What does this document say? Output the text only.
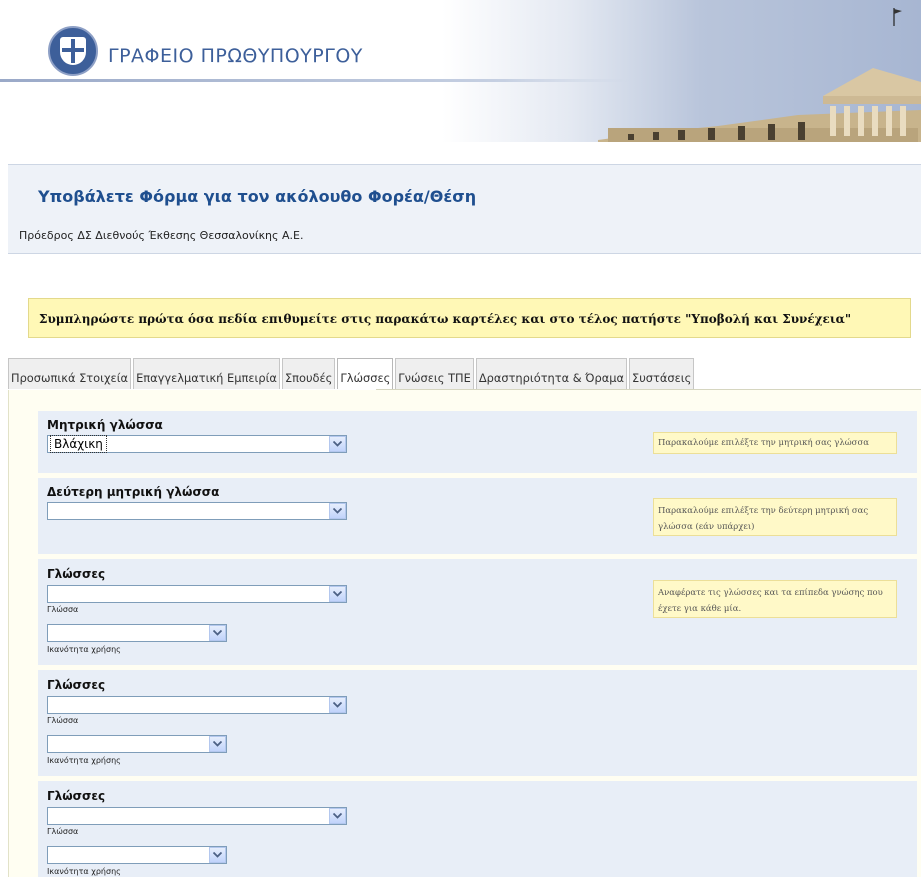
ΓΡΑΦΕΙΟ ΠΡΩΘΥΠΟΥΡΓΟΥ
Υποβάλετε Φόρμα για τον ακόλουθο Φορέα/Θέση
Πρόεδρος ΔΣ Διεθνούς Έκθεσης Θεσσαλονίκης Α.Ε.
Συμπληρώστε πρώτα όσα πεδία επιθυμείτε στις παρακάτω καρτέλες και στο τέλος πατήστε "Υποβολή και Συνέχεια"
Προσωπικά Στοιχεία Επαγγελματική Εμπειρία Σπουδές Γλώσσες Γνώσεις ΤΠΕ Δραστηριότητα & Όραμα Συστάσεις
Μητρική γλώσσα
Βλάχικη	Παρακαλούμε επιλέξτε την μητρική σας γλώσσα
Δεύτερη μητρική γλώσσα
Παρακαλούμε επιλέξτε την δεύτερη μητρική σας γλώσσα (εάν υπάρχει)
Γλώσσες
Γλώσσα
Ικανότητα χρήσης
Αναφέρατε τις γλώσσες και τα επίπεδα γνώσης που έχετε για κάθε μία.
Γλώσσες
Γλώσσα
Ικανότητα χρήσης
Γλώσσες
Γλώσσα
Ικανότητα χρήσης
